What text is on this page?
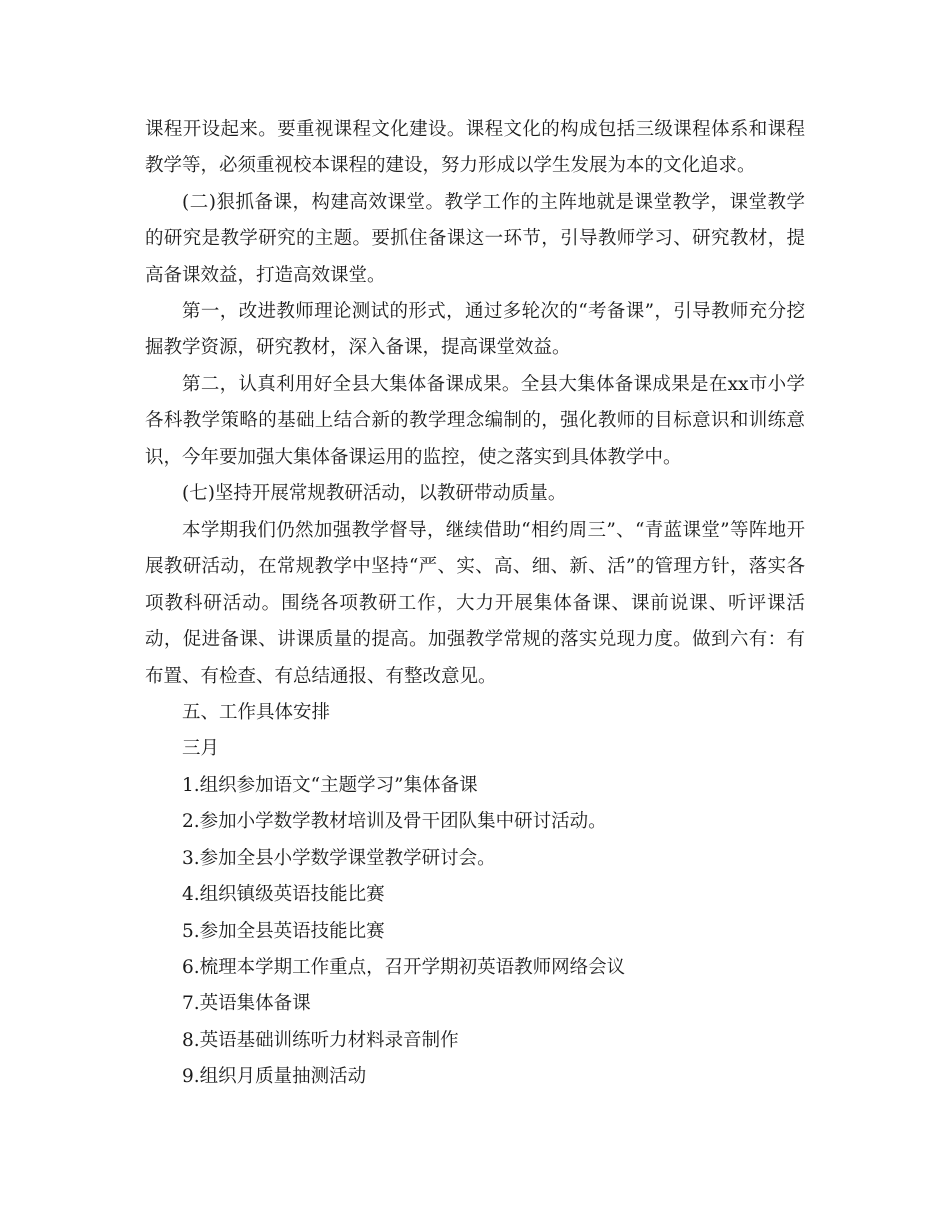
课程开设起来。要重视课程文化建设。课程文化的构成包括三级课程体系和课程教学等，必须重视校本课程的建设，努力形成以学生发展为本的文化追求。

(二)狠抓备课，构建高效课堂。教学工作的主阵地就是课堂教学，课堂教学的研究是教学研究的主题。要抓住备课这一环节，引导教师学习、研究教材，提高备课效益，打造高效课堂。

第一，改进教师理论测试的形式，通过多轮次的“考备课”，引导教师充分挖掘教学资源，研究教材，深入备课，提高课堂效益。

第二，认真利用好全县大集体备课成果。全县大集体备课成果是在xx市小学各科教学策略的基础上结合新的教学理念编制的，强化教师的目标意识和训练意识，今年要加强大集体备课运用的监控，使之落实到具体教学中。

(七)坚持开展常规教研活动，以教研带动质量。

本学期我们仍然加强教学督导，继续借助“相约周三”、“青蓝课堂”等阵地开展教研活动，在常规教学中坚持“严、实、高、细、新、活”的管理方针，落实各项教科研活动。围绕各项教研工作，大力开展集体备课、课前说课、听评课活动，促进备课、讲课质量的提高。加强教学常规的落实兑现力度。做到六有：有布置、有检查、有总结通报、有整改意见。

五、工作具体安排

三月

1.组织参加语文“主题学习”集体备课

2.参加小学数学教材培训及骨干团队集中研讨活动。

3.参加全县小学数学课堂教学研讨会。

4.组织镇级英语技能比赛

5.参加全县英语技能比赛

6.梳理本学期工作重点，召开学期初英语教师网络会议

7.英语集体备课

8.英语基础训练听力材料录音制作

9.组织月质量抽测活动
